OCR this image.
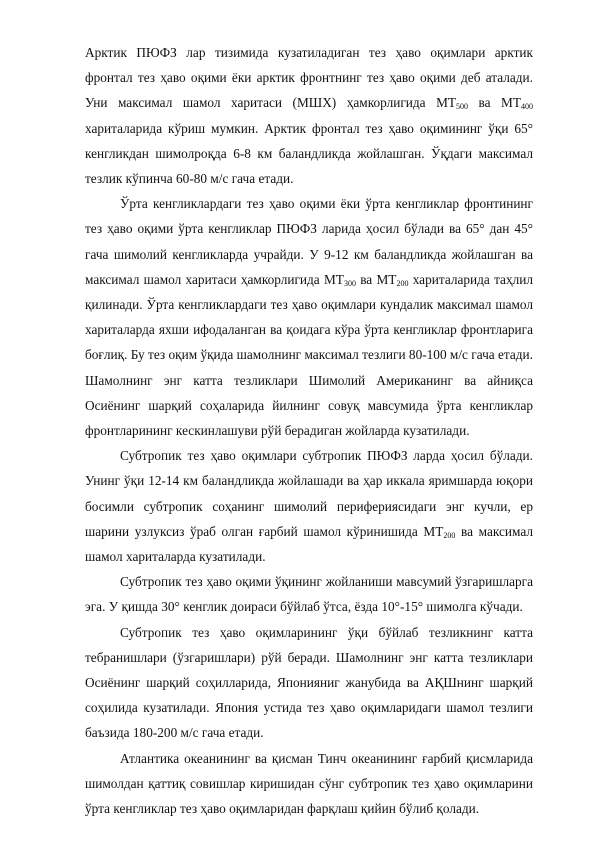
Арктик ПЮФЗ лар тизимида кузатиладиган тез ҳаво оқимлари арктик фронтал тез ҳаво оқими ёки арктик фронтнинг тез ҳаво оқими деб аталади. Уни максимал шамол харитаси (МШХ) ҳамкорлигида $МТ_{500}$ ва $МТ_{400}$ хариталарида кўриш мумкин. Арктик фронтал тез ҳаво оқимининг ўқи 65° кенгликдан шимолроқда 6-8 км баландликда жойлашган. Ўқдаги максимал тезлик кўпинча 60-80 м/с гача етади.

Ўрта кенгликлардаги тез ҳаво оқими ёки ўрта кенгликлар фронтининг тез ҳаво оқими ўрта кенгликлар ПЮФЗ ларида ҳосил бўлади ва 65° дан 45° гача шимолий кенгликларда учрайди. У 9-12 км баландликда жойлашган ва максимал шамол харитаси ҳамкорлигида $МТ_{300}$ ва $МТ_{200}$ хариталарида таҳлил қилинади. Ўрта кенгликлардаги тез ҳаво оқимлари кундалик максимал шамол хариталарда яхши ифодаланган ва қоидага кўра ўрта кенгликлар фронтларига боғлиқ. Бу тез оқим ўқида шамолнинг максимал тезлиги 80-100 м/с гача етади. Шамолнинг энг катта тезликлари Шимолий Американинг ва айниқса Осиёнинг шарқий соҳаларида йилнинг совуқ мавсумида ўрта кенгликлар фронтларининг кескинлашуви рўй берадиган жойларда кузатилади.

Субтропик тез ҳаво оқимлари субтропик ПЮФЗ ларда ҳосил бўлади. Унинг ўқи 12-14 км баландликда жойлашади ва ҳар иккала яримшарда юқори босимли субтропик соҳанинг шимолий периферияcидаги энг кучли, ер шарини узлуксиз ўраб олган ғарбий шамол кўринишида $МТ_{200}$ ва максимал шамол хариталарда кузатилади.

Субтропик тез ҳаво оқими ўқининг жойланиши мавсумий ўзгаришларга эга. У қишда 30° кенглик доираси бўйлаб ўтса, ёзда 10°-15° шимолга кўчади.

Субтропик тез ҳаво оқимларининг ўқи бўйлаб тезликнинг катта тебранишлари (ўзгаришлари) рўй беради. Шамолнинг энг катта тезликлари Осиёнинг шарқий соҳилларида, Японияниг жанубида ва АҚШнинг шарқий соҳилида кузатилади. Япония устида тез ҳаво оқимларидаги шамол тезлиги баъзида 180-200 м/с гача етади.

Атлантика океанининг ва қисман Тинч океанининг ғарбий қисмларида шимолдан қаттиқ совишлар киришидан сўнг субтропик тез ҳаво оқимларини ўрта кенгликлар тез ҳаво оқимларидан фарқлаш қийин бўлиб қолади.
